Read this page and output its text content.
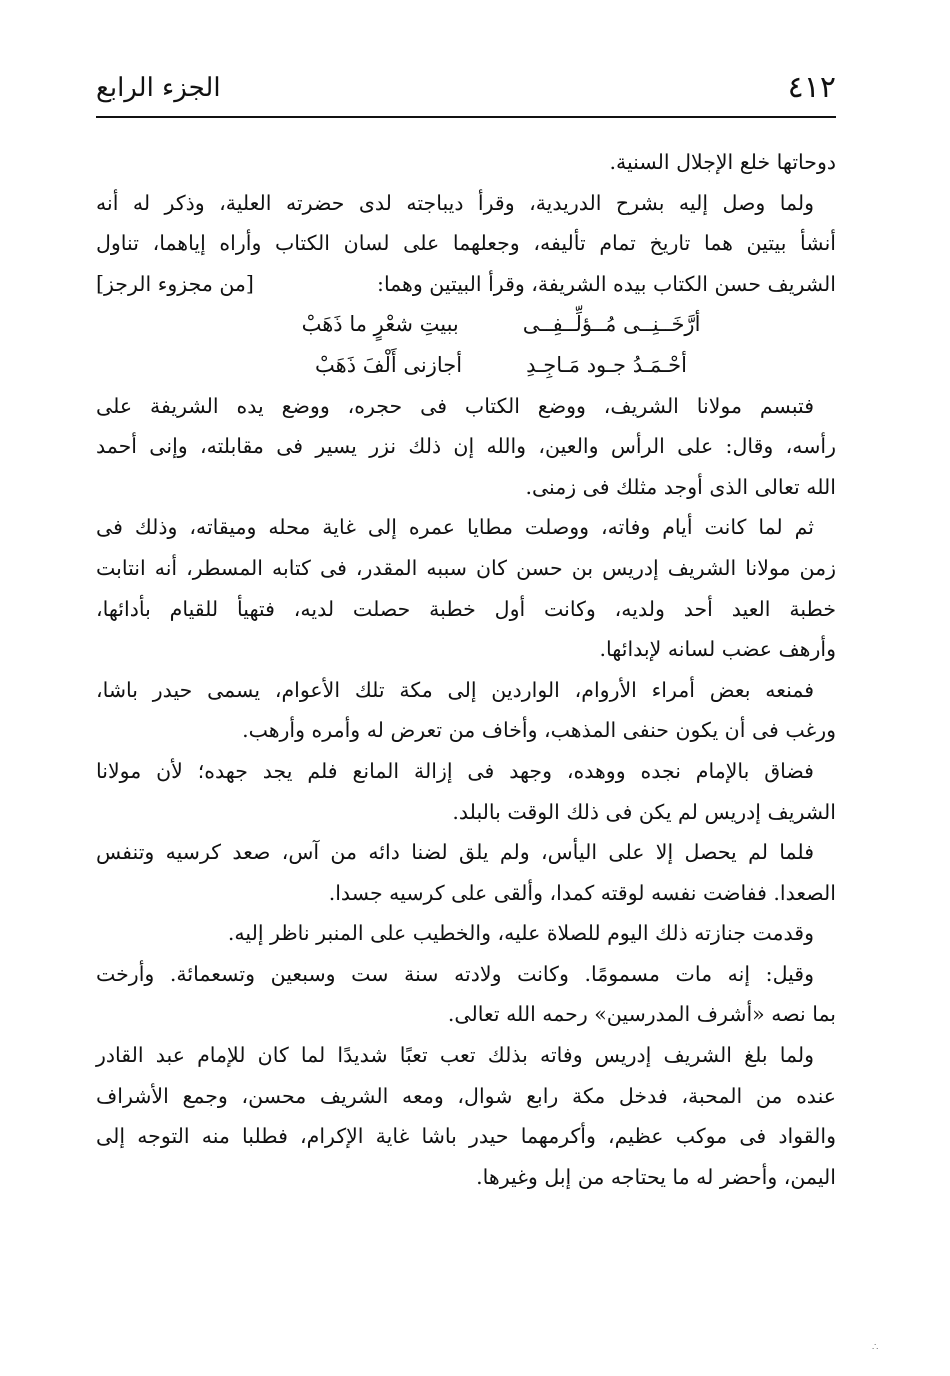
٤١٢
الجزء الرابع
دوحاتها خلع الإجلال السنية.
ولما وصل إليه بشرح الدريدية، وقرأ ديباجته لدى حضرته العلية، وذكر له أنه
أنشأ بيتين هما تاريخ تمام تأليفه، وجعلهما على لسان الكتاب وأراه إياهما، تناول
الشريف حسن الكتاب بيده الشريفة، وقرأ البيتين وهما:
[من مجزوء الرجز]
أرَّخَــنِــى مُــؤلِّــفِــى
ببيتِ شعْرٍ ما ذَهَبْ
أحْـمَـدُ جـود مَـاجِـدِ
أجازنى أَلْفَ ذَهَبْ
فتبسم مولانا الشريف، ووضع الكتاب فى حجره، ووضع يده الشريفة على
رأسه، وقال: على الرأس والعين، والله إن ذلك نزر يسير فى مقابلته، وإنى أحمد
الله تعالى الذى أوجد مثلك فى زمنى.
ثم لما كانت أيام وفاته، ووصلت مطايا عمره إلى غاية محله وميقاته، وذلك فى
زمن مولانا الشريف إدريس بن حسن كان سببه المقدر، فى كتابه المسطر، أنه انتابت
خطبة العيد أحد ولديه، وكانت أول خطبة حصلت لديه، فتهيأ للقيام بأدائها،
وأرهف عضب لسانه لإبدائها.
فمنعه بعض أمراء الأروام، الواردين إلى مكة تلك الأعوام، يسمى حيدر باشا،
ورغب فى أن يكون حنفى المذهب، وأخاف من تعرض له وأمره وأرهب.
فضاق بالإمام نجده ووهده، وجهد فى إزالة المانع فلم يجد جهده؛ لأن مولانا
الشريف إدريس لم يكن فى ذلك الوقت بالبلد.
فلما لم يحصل إلا على اليأس، ولم يلق لضنا دائه من آس، صعد كرسيه وتنفس
الصعدا. ففاضت نفسه لوقته كمدا، وألقى على كرسيه جسدا.
وقدمت جنازته ذلك اليوم للصلاة عليه، والخطيب على المنبر ناظر إليه.
وقيل: إنه مات مسمومًا. وكانت ولادته سنة ست وسبعين وتسعمائة. وأرخت
بما نصه «أشرف المدرسين» رحمه الله تعالى.
ولما بلغ الشريف إدريس وفاته بذلك تعب تعبًا شديدًا لما كان للإمام عبد القادر
عنده من المحبة، فدخل مكة رابع شوال، ومعه الشريف محسن، وجمع الأشراف
والقواد فى موكب عظيم، وأكرمهما حيدر باشا غاية الإكرام، فطلبا منه التوجه إلى
اليمن، وأحضر له ما يحتاجه من إبل وغيرها.
∴
